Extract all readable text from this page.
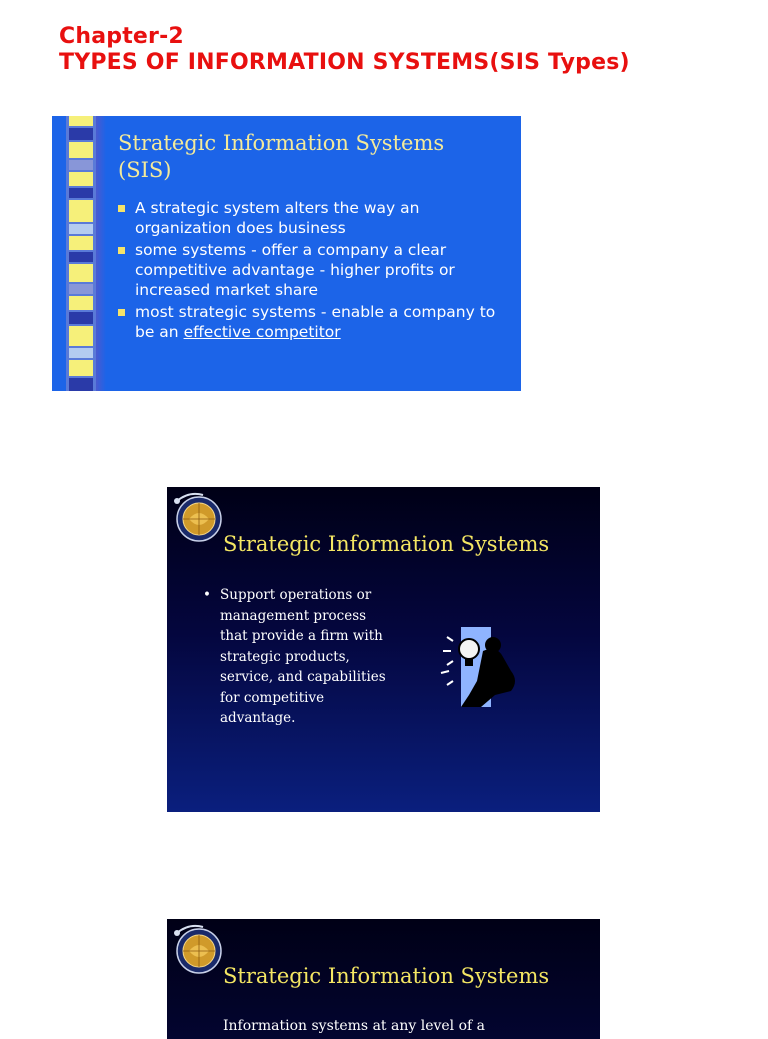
Chapter-2
TYPES OF INFORMATION SYSTEMS(SIS Types)
Strategic Information Systems
(SIS)
A strategic system alters the way an organization does business
some systems - offer a company a clear competitive advantage - higher profits or increased market share
most strategic systems - enable a company to be an effective competitor
Strategic Information Systems
• Support operations or
management process
that provide a firm with
strategic products,
service, and capabilities
for competitive
advantage.

Strategic Information Systems
Information systems at any level of a
